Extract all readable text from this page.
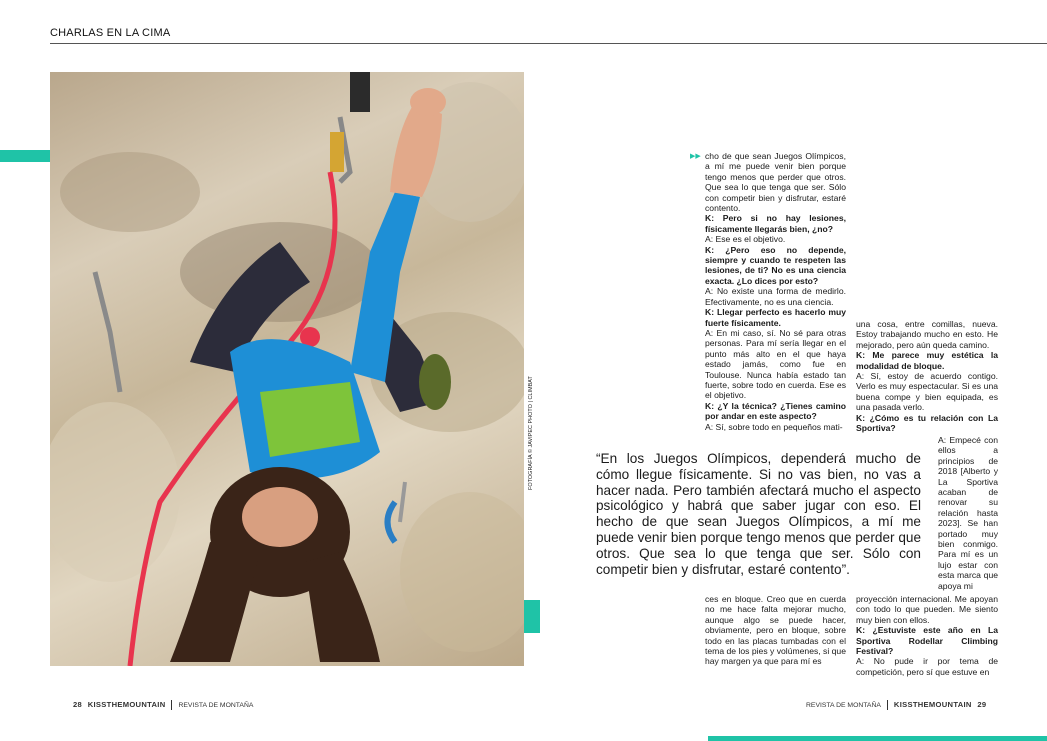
CHARLAS EN LA CIMA
FOTOGRAFÍA © JAVIPEC PHOTO | CLIMBAT
▶▶ cho de que sean Juegos Olímpicos, a mí me puede venir bien porque tengo menos que perder que otros. Que sea lo que tenga que ser. Sólo con competir bien y disfrutar, estaré contento.

K: Pero si no hay lesiones, físicamente llegarás bien, ¿no?

A: Ese es el objetivo.

K: ¿Pero eso no depende, siempre y cuando te respeten las lesiones, de ti? No es una ciencia exacta. ¿Lo dices por esto?

A: No existe una forma de medirlo. Efectivamente, no es una ciencia.

K: Llegar perfecto es hacerlo muy fuerte físicamente.

A: En mi caso, sí. No sé para otras personas. Para mí sería llegar en el punto más alto en el que haya estado jamás, como fue en Toulouse. Nunca había estado tan fuerte, sobre todo en cuerda. Ese es el objetivo.

K: ¿Y la técnica? ¿Tienes camino por andar en este aspecto?

A: Sí, sobre todo en pequeños mati-

una cosa, entre comillas, nueva. Estoy trabajando mucho en esto. He mejorado, pero aún queda camino.

K: Me parece muy estética la modalidad de bloque.

A: Sí, estoy de acuerdo contigo. Verlo es muy espectacular. Si es una buena compe y bien equipada, es una pasada verlo.

K: ¿Cómo es tu relación con La Sportiva?

A: Empecé con ellos a principios de 2018 [Alberto y La Sportiva acaban de renovar su relación hasta 2023]. Se han portado muy bien conmigo. Para mí es un lujo estar con esta marca que apoya mi
“En los Juegos Olímpicos, dependerá mucho de cómo llegue físicamente. Si no vas bien, no vas a hacer nada. Pero también afectará mucho el aspecto psicológico y habrá que saber jugar con eso. El hecho de que sean Juegos Olímpicos, a mí me puede venir bien porque tengo menos que perder que otros. Que sea lo que tenga que ser. Sólo con competir bien y disfrutar, estaré contento”.
ces en bloque. Creo que en cuerda no me hace falta mejorar mucho, aunque algo se puede hacer, obviamente, pero en bloque, sobre todo en las placas tumbadas con el tema de los pies y volúmenes, si que hay margen ya que para mí es

proyección internacional. Me apoyan con todo lo que pueden. Me siento muy bien con ellos.

K: ¿Estuviste este año en La Sportiva Rodellar Climbing Festival?

A: No pude ir por tema de competición, pero sí que estuve en

28 KISSTHEMOUNTAIN REVISTA DE MONTAÑA	REVISTA DE MONTAÑA KISSTHEMOUNTAIN 29
